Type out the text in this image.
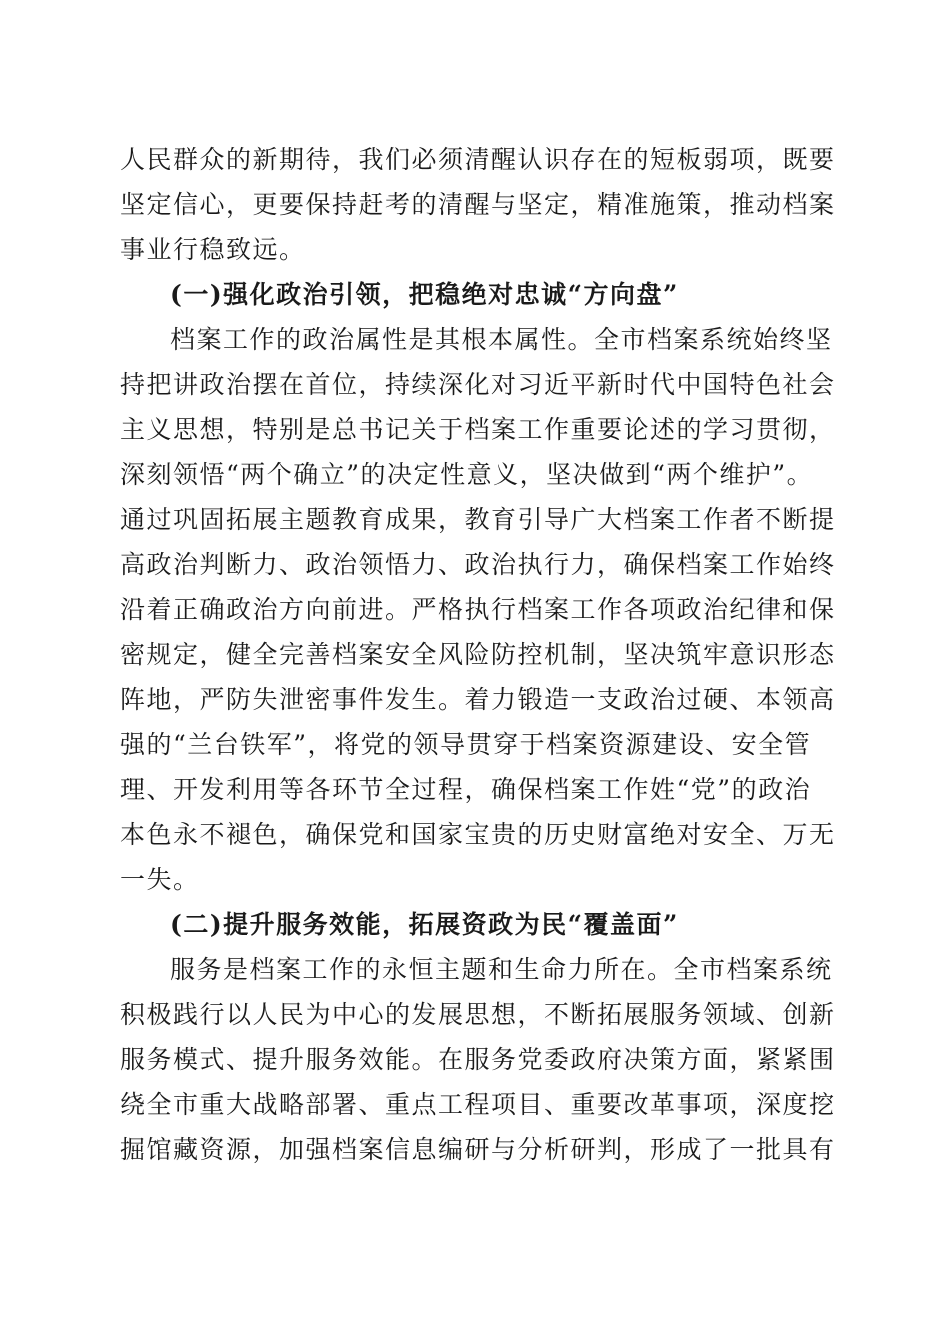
人民群众的新期待，我们必须清醒认识存在的短板弱项，既要
坚定信心，更要保持赶考的清醒与坚定，精准施策，推动档案
事业行稳致远。
(一)强化政治引领，把稳绝对忠诚“方向盘”
档案工作的政治属性是其根本属性。全市档案系统始终坚
持把讲政治摆在首位，持续深化对习近平新时代中国特色社会
主义思想，特别是总书记关于档案工作重要论述的学习贯彻，
深刻领悟“两个确立”的决定性意义，坚决做到“两个维护”。
通过巩固拓展主题教育成果，教育引导广大档案工作者不断提
高政治判断力、政治领悟力、政治执行力，确保档案工作始终
沿着正确政治方向前进。严格执行档案工作各项政治纪律和保
密规定，健全完善档案安全风险防控机制，坚决筑牢意识形态
阵地，严防失泄密事件发生。着力锻造一支政治过硬、本领高
强的“兰台铁军”，将党的领导贯穿于档案资源建设、安全管
理、开发利用等各环节全过程，确保档案工作姓“党”的政治
本色永不褪色，确保党和国家宝贵的历史财富绝对安全、万无
一失。
(二)提升服务效能，拓展资政为民“覆盖面”
服务是档案工作的永恒主题和生命力所在。全市档案系统
积极践行以人民为中心的发展思想，不断拓展服务领域、创新
服务模式、提升服务效能。在服务党委政府决策方面，紧紧围
绕全市重大战略部署、重点工程项目、重要改革事项，深度挖
掘馆藏资源，加强档案信息编研与分析研判，形成了一批具有
